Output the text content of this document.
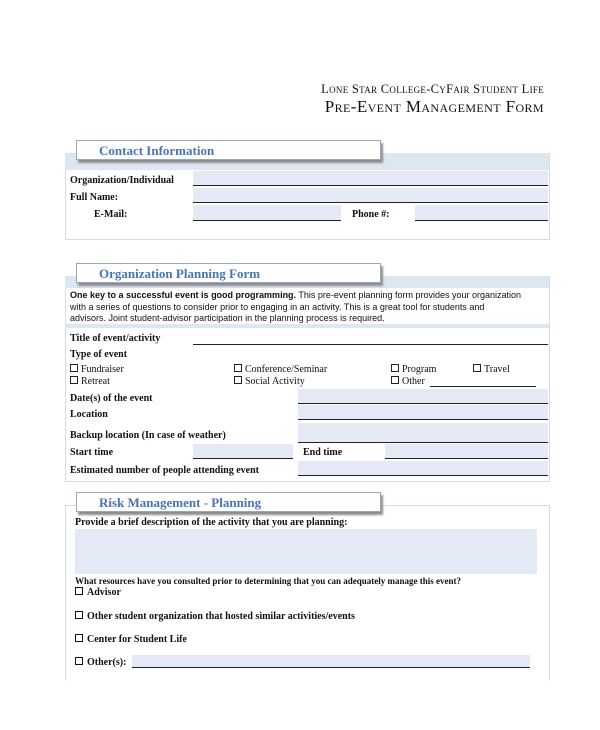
Lone Star College-CyFair Student Life
Pre-Event Management Form
Contact Information
Organization/Individual
Full Name:
E-Mail:	Phone #:
Organization Planning Form
One key to a successful event is good programming. This pre-event planning form provides your organization
with a series of questions to consider prior to engaging in an activity. This is a great tool for students and
advisors. Joint student-advisor participation in the planning process is required.
Title of event/activity
Type of event
Fundraiser	Conference/Seminar	Program	Travel
Retreat	Social Activity	Other
Date(s) of the event
Location
Backup location (In case of weather)
Start time	End time
Estimated number of people attending event
Risk Management - Planning
Provide a brief description of the activity that you are planning:
What resources have you consulted prior to determining that you can adequately manage this event?
Advisor
Other student organization that hosted similar activities/events
Center for Student Life
Other(s):
